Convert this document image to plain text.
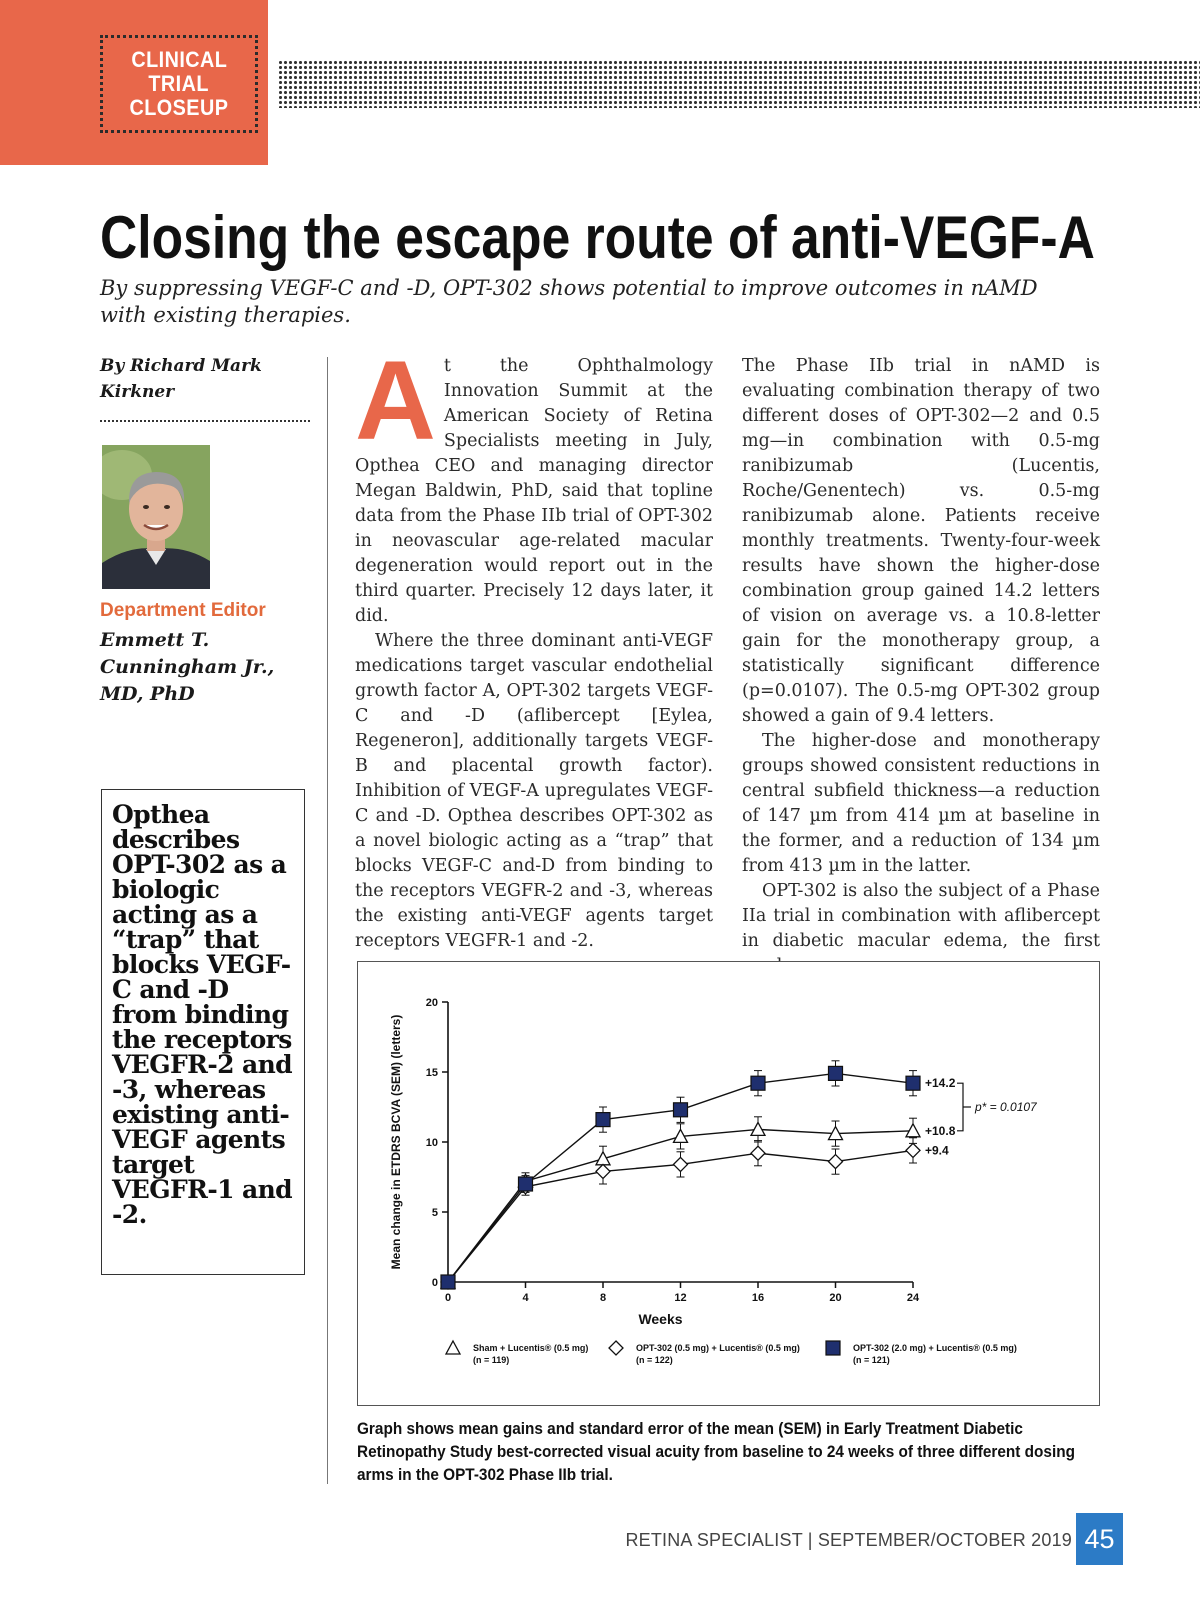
CLINICAL
TRIAL
CLOSEUP
Closing the escape route of anti-VEGF-A

By suppressing VEGF-C and -D, OPT-302 shows potential to improve outcomes in nAMD with existing therapies.

By Richard Mark Kirkner
Department Editor
Emmett T. Cunningham Jr., MD, PhD
Opthea describes OPT-302 as a biologic acting as a “trap” that blocks VEGF-C and -D from binding the receptors VEGFR-2 and -3, whereas existing anti-VEGF agents target VEGFR-1 and -2.

At the Ophthalmology Innovation Summit at the American Society of Retina Specialists meeting in July, Opthea CEO and managing director Megan Baldwin, PhD, said that topline data from the Phase IIb trial of OPT-302 in neovascular age-related macular degeneration would report out in the third quarter. Precisely 12 days later, it did.

Where the three dominant anti-VEGF medications target vascular endothelial growth factor A, OPT-302 targets VEGF-C and -D (aflibercept [Eylea, Regeneron], additionally targets VEGF-B and placental growth factor). Inhibition of VEGF-A upregulates VEGF-C and -D. Opthea describes OPT-302 as a novel biologic acting as a “trap” that blocks VEGF-C and-D from binding to the receptors VEGFR-2 and -3, whereas the existing anti-VEGF agents target receptors VEGFR-1 and -2.

The Phase IIb trial in nAMD is evaluating combination therapy of two different doses of OPT-302—2 and 0.5 mg—in combination with 0.5-mg ranibizumab (Lucentis, Roche/Genentech) vs. 0.5-mg ranibizumab alone. Patients receive monthly treatments. Twenty-four-week results have shown the higher-dose combination group gained 14.2 letters of vision on average vs. a 10.8-letter gain for the monotherapy group, a statistically significant difference (p=0.0107). The 0.5-mg OPT-302 group showed a gain of 9.4 letters.

The higher-dose and monotherapy groups showed consistent reductions in central subfield thickness—a reduction of 147 µm from 414 µm at baseline in the former, and a reduction of 134 µm from 413 µm in the latter.

OPT-302 is also the subject of a Phase IIa trial in combination with aflibercept in diabetic macular edema, the first

0
5
10
15
20
0	4	8	12	16	20	24
Weeks
Mean change in ETDRS BCVA (SEM) (letters)	+10.8
+9.4
+14.2
p* = 0.0107
Sham + Lucentis® (0.5 mg)
(n = 119)
OPT-302 (0.5 mg) + Lucentis® (0.5 mg)
(n = 122)
OPT-302 (2.0 mg) + Lucentis® (0.5 mg)
(n = 121)

Graph shows mean gains and standard error of the mean (SEM) in Early Treatment Diabetic Retinopathy Study best-corrected visual acuity from baseline to 24 weeks of three different dosing arms in the OPT-302 Phase IIb trial.

RETINA SPECIALIST | SEPTEMBER/OCTOBER 2019 45
